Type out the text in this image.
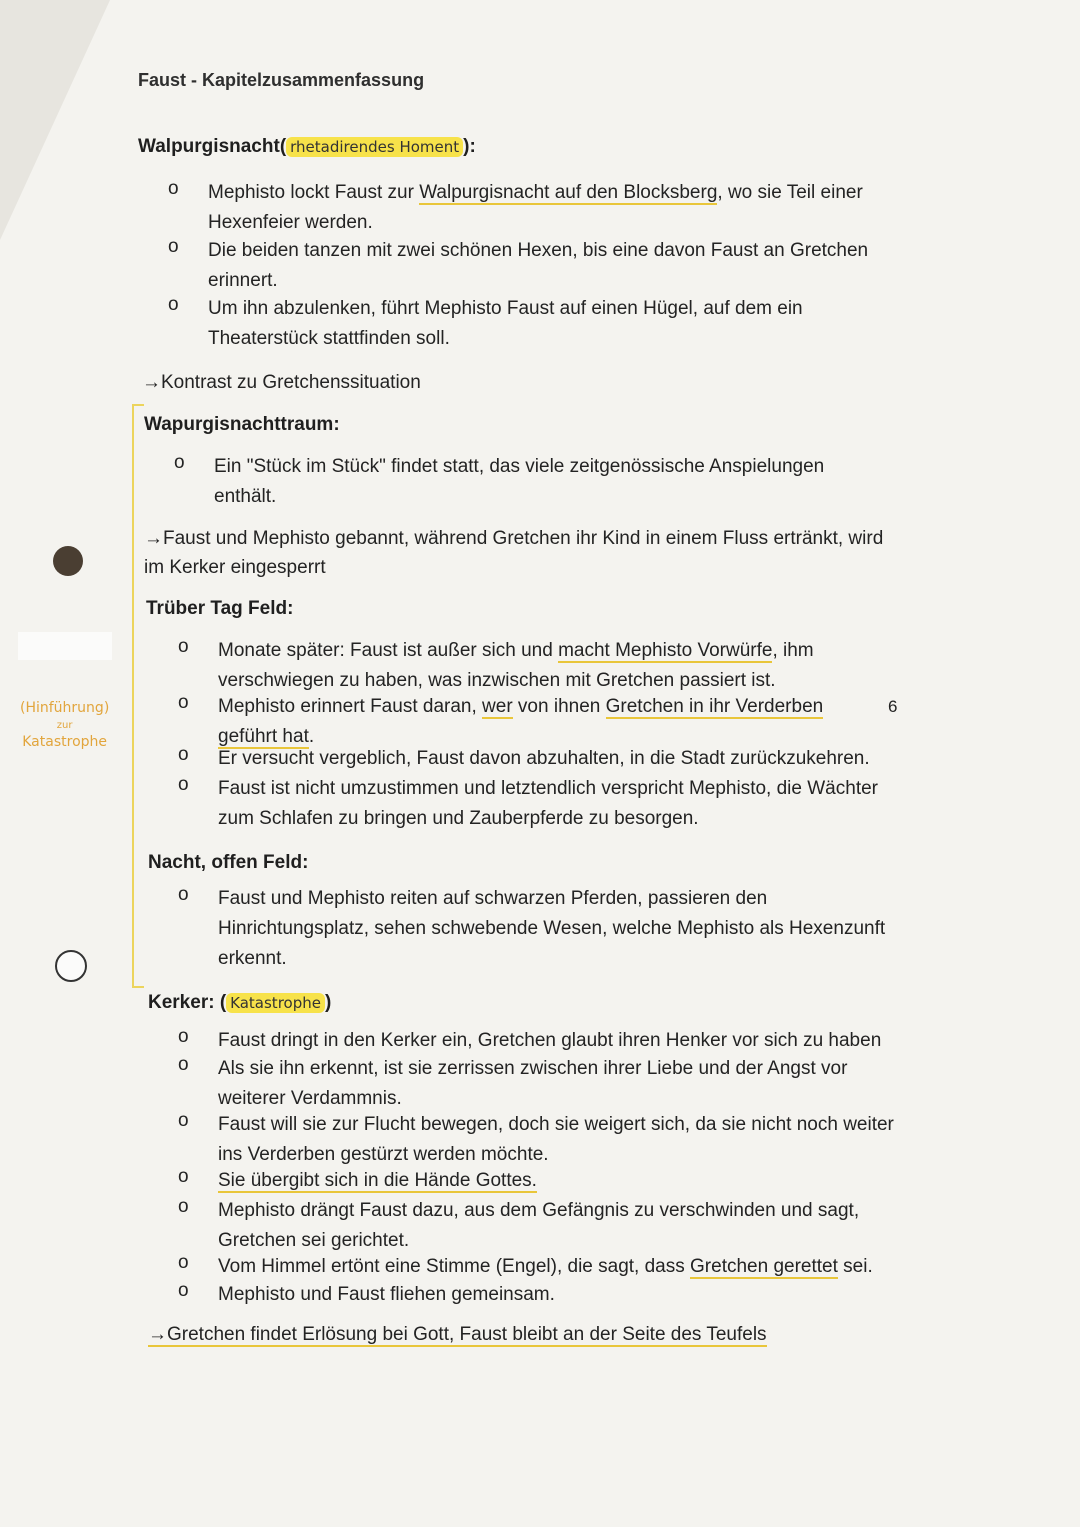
Faust - Kapitelzusammenfassung
Walpurgisnacht( rhetadirendes Homent ):
o	Mephisto lockt Faust zur Walpurgisnacht auf den Blocksberg, wo sie Teil einer Hexenfeier werden.
o	Die beiden tanzen mit zwei schönen Hexen, bis eine davon Faust an Gretchen erinnert.
o	Um ihn abzulenken, führt Mephisto Faust auf einen Hügel, auf dem ein Theaterstück stattfinden soll.
→Kontrast zu Gretchenssituation
Wapurgisnachttraum:
o	Ein "Stück im Stück" findet statt, das viele zeitgenössische Anspielungen enthält.
→Faust und Mephisto gebannt, während Gretchen ihr Kind in einem Fluss ertränkt, wird im Kerker eingesperrt
Trüber Tag Feld:
o	Monate später: Faust ist außer sich und macht Mephisto Vorwürfe, ihm verschwiegen zu haben, was inzwischen mit Gretchen passiert ist.
o	Mephisto erinnert Faust daran, wer von ihnen Gretchen in ihr Verderben geführt hat.
o	Er versucht vergeblich, Faust davon abzuhalten, in die Stadt zurückzukehren.
o	Faust ist nicht umzustimmen und letztendlich verspricht Mephisto, die Wächter zum Schlafen zu bringen und Zauberpferde zu besorgen.
Nacht, offen Feld:
o	Faust und Mephisto reiten auf schwarzen Pferden, passieren den Hinrichtungsplatz, sehen schwebende Wesen, welche Mephisto als Hexenzunft erkennt.
Kerker: ( Katastrophe )
o	Faust dringt in den Kerker ein, Gretchen glaubt ihren Henker vor sich zu haben
o	Als sie ihn erkennt, ist sie zerrissen zwischen ihrer Liebe und der Angst vor weiterer Verdammnis.
o	Faust will sie zur Flucht bewegen, doch sie weigert sich, da sie nicht noch weiter ins Verderben gestürzt werden möchte.
o	Sie übergibt sich in die Hände Gottes.
o	Mephisto drängt Faust dazu, aus dem Gefängnis zu verschwinden und sagt, Gretchen sei gerichtet.
o	Vom Himmel ertönt eine Stimme (Engel), die sagt, dass Gretchen gerettet sei.
o	Mephisto und Faust fliehen gemeinsam.
→Gretchen findet Erlösung bei Gott, Faust bleibt an der Seite des Teufels
(Hinführung)

zur
Katastrophe
6
